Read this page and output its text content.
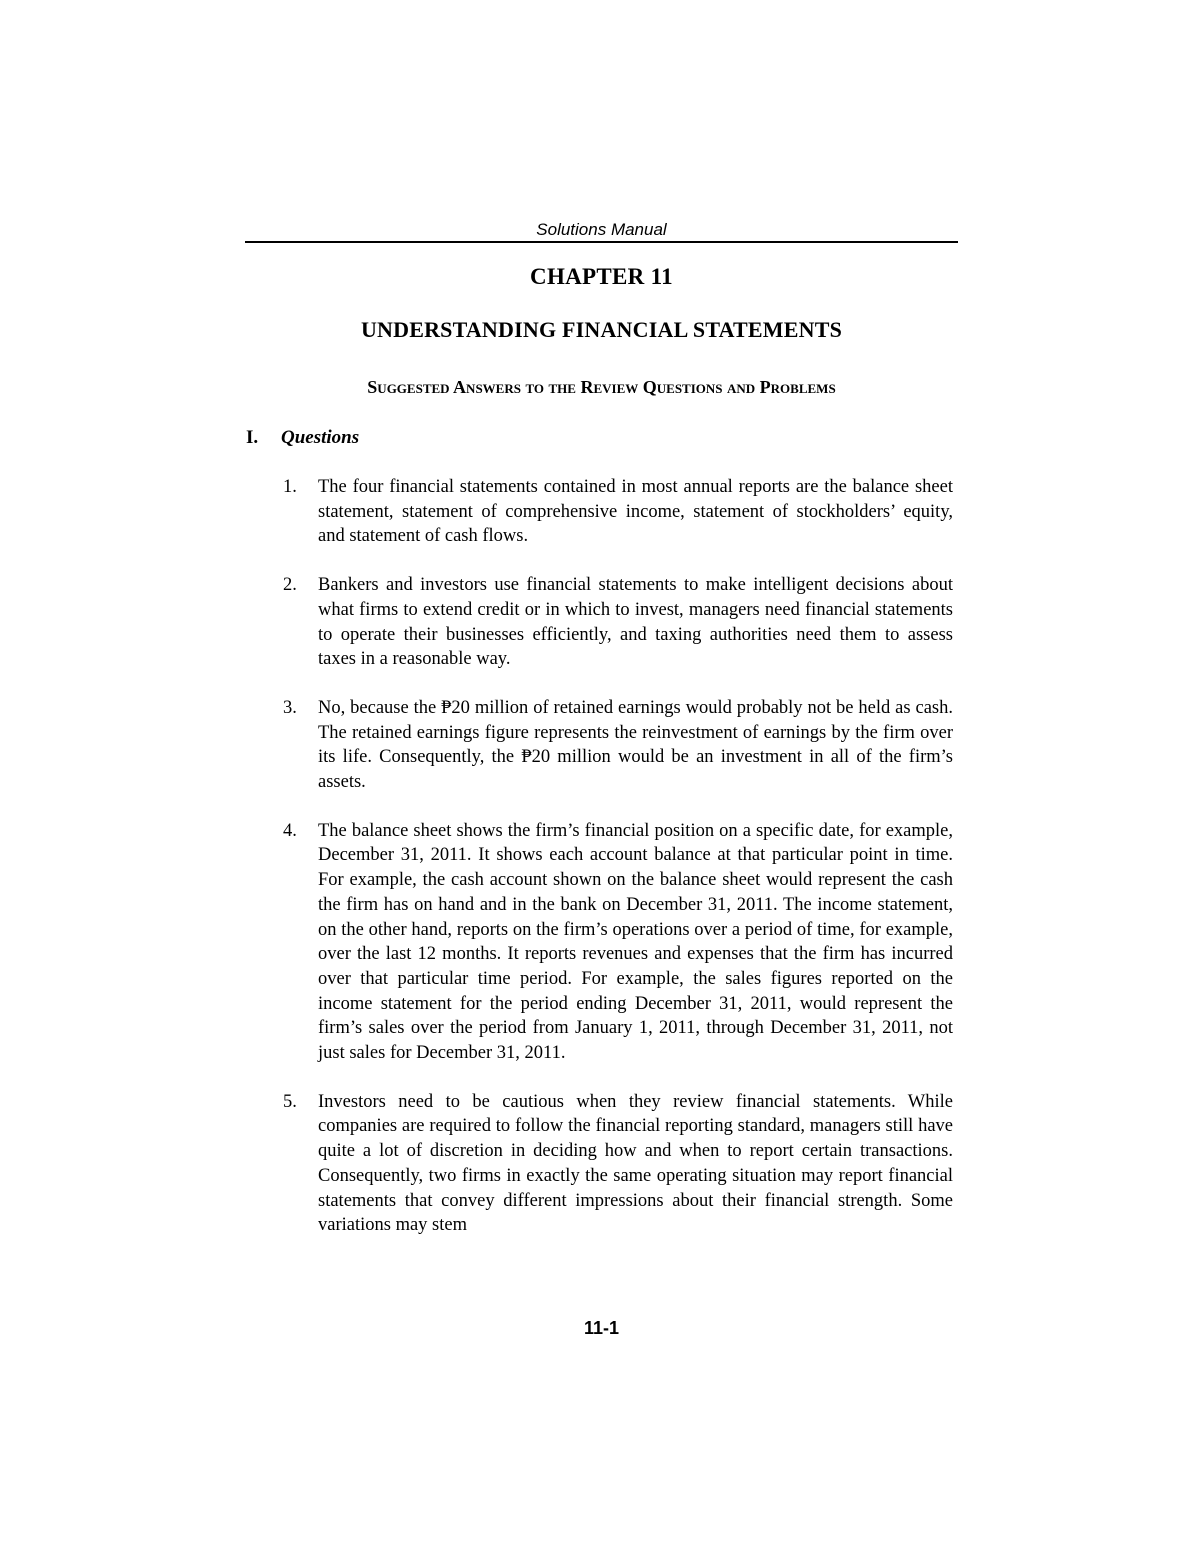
Solutions Manual
CHAPTER 11
UNDERSTANDING FINANCIAL STATEMENTS
Suggested Answers to the Review Questions and Problems
I. Questions
1. The four financial statements contained in most annual reports are the balance sheet statement, statement of comprehensive income, statement of stockholders’ equity, and statement of cash flows.
2. Bankers and investors use financial statements to make intelligent decisions about what firms to extend credit or in which to invest, managers need financial statements to operate their businesses efficiently, and taxing authorities need them to assess taxes in a reasonable way.
3. No, because the ₱20 million of retained earnings would probably not be held as cash. The retained earnings figure represents the reinvestment of earnings by the firm over its life. Consequently, the ₱20 million would be an investment in all of the firm’s assets.
4. The balance sheet shows the firm’s financial position on a specific date, for example, December 31, 2011. It shows each account balance at that particular point in time. For example, the cash account shown on the balance sheet would represent the cash the firm has on hand and in the bank on December 31, 2011. The income statement, on the other hand, reports on the firm’s operations over a period of time, for example, over the last 12 months. It reports revenues and expenses that the firm has incurred over that particular time period. For example, the sales figures reported on the income statement for the period ending December 31, 2011, would represent the firm’s sales over the period from January 1, 2011, through December 31, 2011, not just sales for December 31, 2011.
5. Investors need to be cautious when they review financial statements. While companies are required to follow the financial reporting standard, managers still have quite a lot of discretion in deciding how and when to report certain transactions. Consequently, two firms in exactly the same operating situation may report financial statements that convey different impressions about their financial strength. Some variations may stem
11-1
